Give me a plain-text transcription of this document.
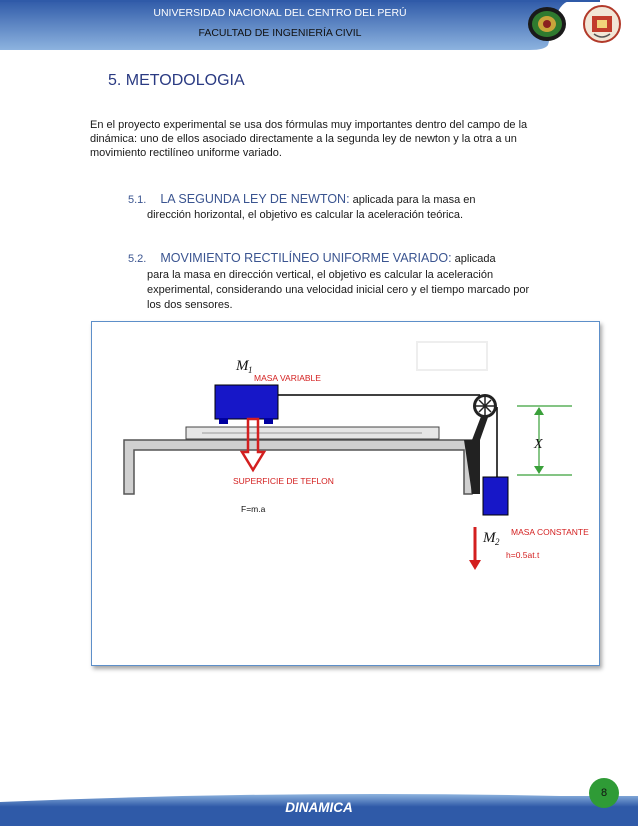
UNIVERSIDAD NACIONAL DEL CENTRO DEL PERÚ
FACULTAD DE INGENIERÍA CIVIL
5. METODOLOGIA
En el proyecto experimental se usa dos fórmulas muy importantes dentro del campo de la
dinámica: uno de ellos asociado directamente a la segunda ley de newton y la otra a un
movimiento rectilíneo uniforme variado.
5.1. LA SEGUNDA LEY DE NEWTON: aplicada para la masa en
dirección horizontal, el objetivo es calcular la aceleración teórica.
5.2. MOVIMIENTO RECTILÍNEO UNIFORME VARIADO: aplicada
para la masa en dirección vertical, el objetivo es calcular la aceleración
experimental, considerando una velocidad inicial cero y el tiempo marcado por
los dos sensores.
M 1
MASA VARIABLE
SUPERFICIE DE TEFLON
F=m.a
M 2
MASA CONSTANTE
h=0.5at.t
X
DINAMICA
8
